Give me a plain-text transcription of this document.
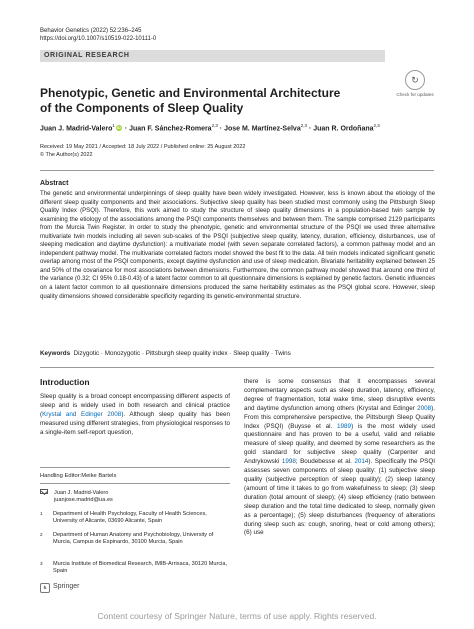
Behavior Genetics (2022) 52:236–245
https://doi.org/10.1007/s10519-022-10111-0
ORIGINAL RESEARCH
↻
Check for updates
Phenotypic, Genetic and Environmental Architecture
of the Components of Sleep Quality
Juan J. Madrid‑Valero$^1$ iD · Juan F. Sánchez‑Romera$^{2,3}$ · Jose M. Martínez‑Selva$^{2,3}$ · Juan R. Ordoñana$^{2,3}$
Received: 19 May 2021 / Accepted: 18 July 2022 / Published online: 25 August 2022
© The Author(s) 2022
Abstract
The genetic and environmental underpinnings of sleep quality have been widely investigated. However, less is known about the etiology of the different sleep quality components and their associations. Subjective sleep quality has been studied most commonly using the Pittsburgh Sleep Quality Index (PSQI). Therefore, this work aimed to study the structure of sleep quality dimensions in a population-based twin sample by examining the etiology of the associations among the PSQI components themselves and between them. The sample comprised 2129 participants from the Murcia Twin Register. In order to study the phenotypic, genetic and environmental structure of the PSQI we used three alternative multivariate twin models including all seven sub-scales of the PSQI (subjective sleep quality, latency, duration, efficiency, disturbances, use of sleeping medication and daytime dysfunction): a multivariate model (with seven separate correlated factors), a common pathway model and an independent pathway model. The multivariate correlated factors model showed the best fit to the data. All twin models indicated significant genetic overlap among most of the PSQI components, except daytime dysfunction and use of sleep medication. Bivariate heritability explained between 25 and 50% of the covariance for most associations between dimensions. Furthermore, the common pathway model showed that around one third of the variance (0.32; CI 95% 0.18-0.43) of a latent factor common to all questionnaire dimensions is explained by genetic factors. Genetic influences on a latent factor common to all questionnaire dimensions produced the same heritability estimates as the PSQI global score. However, sleep quality dimensions showed considerable specificity regarding its genetic-environmental structure.
Keywords Dizygotic · Monozygotic · Pittsburgh sleep quality index · Sleep quality · Twins
Introduction
Sleep quality is a broad concept encompassing different aspects of sleep and is widely used in both research and clinical practice (Krystal and Edinger 2008). Although sleep quality has been measured using different strategies, from physiological responses to a single-item self-report question,
there is some consensus that it encompasses several complementary aspects such as sleep duration, latency, efficiency, degree of fragmentation, total wake time, sleep disruptive events and daytime dysfunction among others (Krystal and Edinger 2008). From this comprehensive perspective, the Pittsburgh Sleep Quality Index (PSQI) (Buysse et al. 1989) is the most widely used questionnaire and has proven to be a useful, valid and reliable measure of sleep quality, and deemed by some researchers as the gold standard for subjective sleep quality (Carpenter and Andrykowski 1998; Boudebesse et al. 2014). Specifically the PSQI assesses seven components of sleep quality: (1) subjective sleep quality (subjective perception of sleep quality); (2) sleep latency (amount of time it takes to go from wakefulness to sleep; (3) sleep duration (total amount of sleep); (4) sleep efficiency (ratio between sleep duration and the total time dedicated to sleep, normally given as a percentage); (5) sleep disturbances (frequency of alterations during sleep such as: cough, snoring, heat or cold among others); (6) use
Handling Editor:Meike Bartels
Juan J. Madrid-Valero
juanjose.madrid@ua.es
1	Department of Health Psychology, Faculty of Health Sciences, University of Alicante, 03690 Alicante, Spain
2	Department of Human Anatomy and Psychobiology, University of Murcia, Campus de Espinardo, 30100 Murcia, Spain
3	Murcia Institute of Biomedical Research, IMIB-Arrixaca, 30120 Murcia, Spain
♞ Springer
Content courtesy of Springer Nature, terms of use apply. Rights reserved.
